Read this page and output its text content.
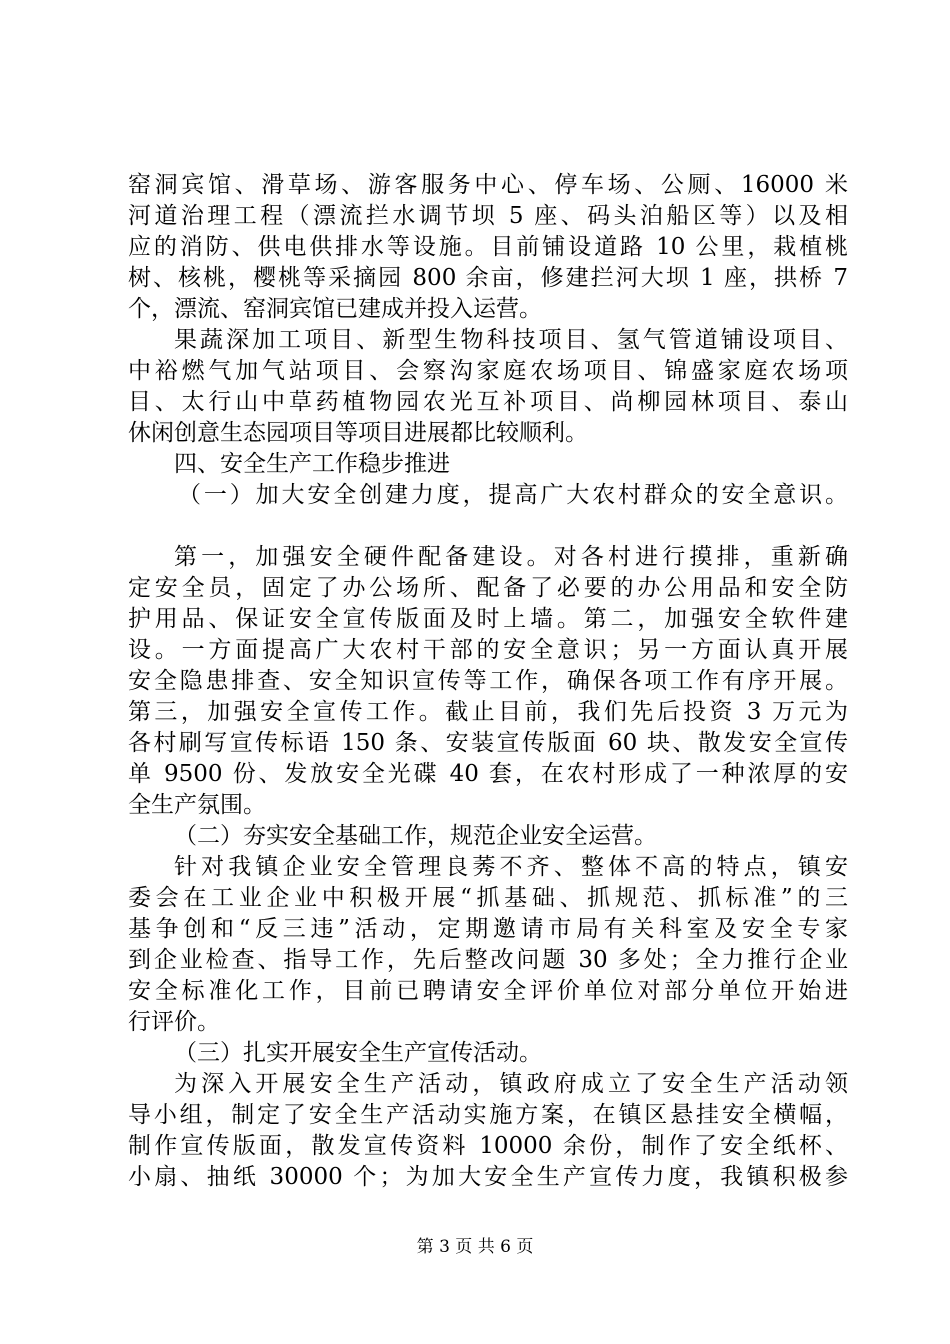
窑洞宾馆、滑草场、游客服务中心、停车场、公厕、16000 米
河道治理工程（漂流拦水调节坝 5 座、码头泊船区等）以及相
应的消防、供电供排水等设施。目前铺设道路 10 公里，栽植桃
树、核桃，樱桃等采摘园 800 余亩，修建拦河大坝 1 座，拱桥 7
个，漂流、窑洞宾馆已建成并投入运营。
果蔬深加工项目、新型生物科技项目、氢气管道铺设项目、
中裕燃气加气站项目、会察沟家庭农场项目、锦盛家庭农场项
目、太行山中草药植物园农光互补项目、尚柳园林项目、泰山
休闲创意生态园项目等项目进展都比较顺利。
四、安全生产工作稳步推进
（一）加大安全创建力度，提高广大农村群众的安全意识。
第一，加强安全硬件配备建设。对各村进行摸排，重新确
定安全员，固定了办公场所、配备了必要的办公用品和安全防
护用品、保证安全宣传版面及时上墙。第二，加强安全软件建
设。一方面提高广大农村干部的安全意识；另一方面认真开展
安全隐患排查、安全知识宣传等工作，确保各项工作有序开展。
第三，加强安全宣传工作。截止目前，我们先后投资 3 万元为
各村刷写宣传标语 150 条、安装宣传版面 60 块、散发安全宣传
单 9500 份、发放安全光碟 40 套，在农村形成了一种浓厚的安
全生产氛围。
（二）夯实安全基础工作，规范企业安全运营。
针对我镇企业安全管理良莠不齐、整体不高的特点，镇安
委会在工业企业中积极开展“抓基础、抓规范、抓标准”的三
基争创和“反三违”活动，定期邀请市局有关科室及安全专家
到企业检查、指导工作，先后整改问题 30 多处；全力推行企业
安全标准化工作，目前已聘请安全评价单位对部分单位开始进
行评价。
（三）扎实开展安全生产宣传活动。
为深入开展安全生产活动，镇政府成立了安全生产活动领
导小组，制定了安全生产活动实施方案，在镇区悬挂安全横幅，
制作宣传版面，散发宣传资料 10000 余份，制作了安全纸杯、
小扇、抽纸 30000 个；为加大安全生产宣传力度，我镇积极参
第 3 页 共 6 页
